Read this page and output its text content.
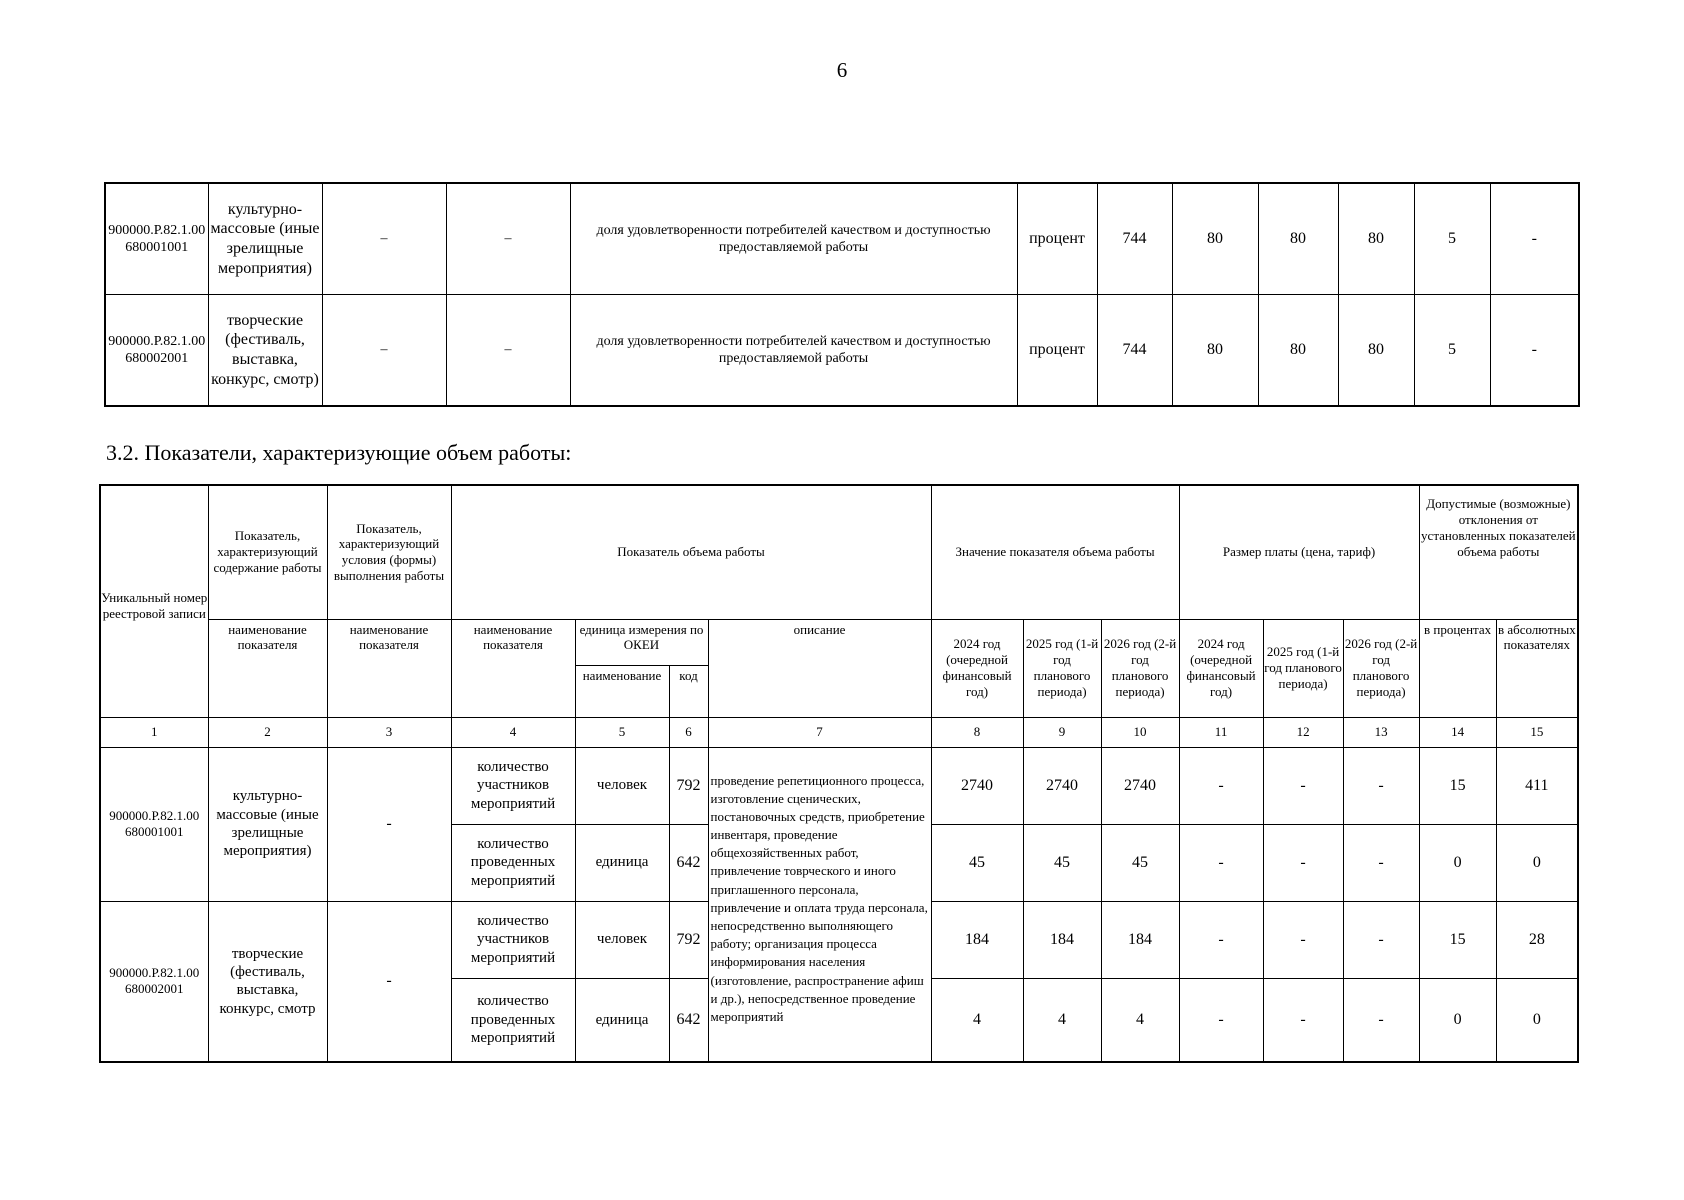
6
900000.Р.82.1.00 680001001	культурно-массовые (иные зрелищные мероприятия)	–	–	доля удовлетворенности потребителей качеством и доступностью предоставляемой работы	процент	744	80	80	80	5	-
900000.Р.82.1.00 680002001	творческие (фестиваль, выставка, конкурс, смотр)	–	–	доля удовлетворенности потребителей качеством и доступностью предоставляемой работы	процент	744	80	80	80	5	-
3.2. Показатели, характеризующие объем работы:
Уникальный номер реестровой записи	Показатель, характеризующий содержание работы	Показатель, характеризующий условия (формы) выполнения работы	Показатель объема работы				Значение показателя объема работы			Размер платы (цена, тариф)			Допустимые (возможные) отклонения от установленных показателей объема работы	
	наименование показателя	наименование показателя	наименование показателя	единица измерения по ОКЕИ		описание	2024 год (очередной финансовый год)	2025 год (1-й год планового периода)	2026 год (2-й год планового периода)	2024 год (очередной финансовый год)	2025 год (1-й год планового периода)	2026 год (2-й год планового периода)	в процентах	в абсолютных показателях
				наименование	код									
1	2	3	4	5	6	7	8	9	10	11	12	13	14	15
900000.Р.82.1.00 680001001	культурно-массовые (иные зрелищные мероприятия)	-	количество участников мероприятий	человек	792	проведение репетиционного процесса, изготовление сценических, постановочных средств, приобретение инвентаря, проведение общехозяйственных работ, привлечение товрческого и иного приглашенного персонала, привлечение и оплата труда персонала, непосредственно выполняющего работу; организация процесса информирования населения (изготовление, распространение афиш и др.), непосредственное проведение мероприятий	2740	2740	2740	-	-	-	15	411
			количество проведенных мероприятий	единица	642		45	45	45	-	-	-	0	0
900000.Р.82.1.00 680002001	творческие (фестиваль, выставка, конкурс, смотр	-	количество участников мероприятий	человек	792		184	184	184	-	-	-	15	28
			количество проведенных мероприятий	единица	642		4	4	4	-	-	-	0	0
